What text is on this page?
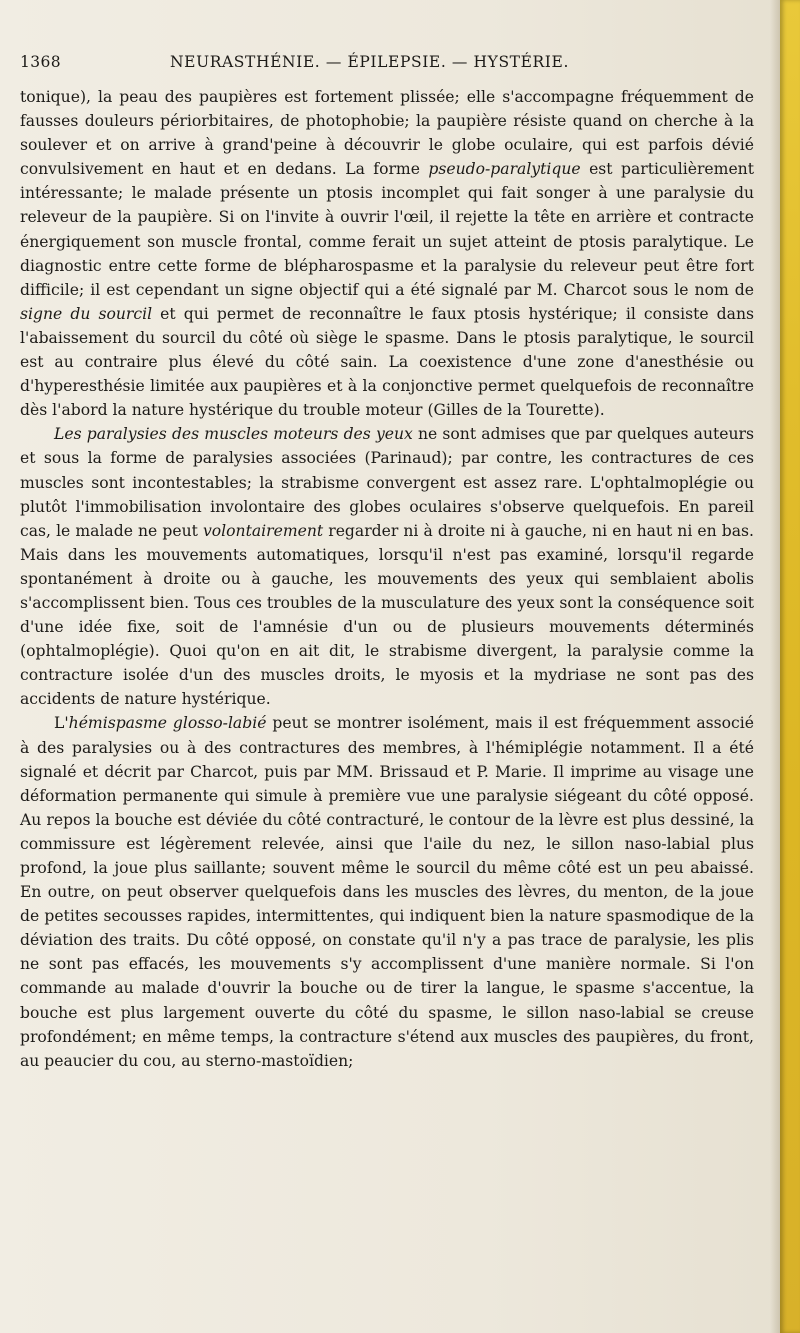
1368	NEURASTHÉNIE. — ÉPILEPSIE. — HYSTÉRIE.

tonique), la peau des paupières est fortement plissée; elle s'accompagne fréquemment de fausses douleurs périorbitaires, de photophobie; la paupière résiste quand on cherche à la soulever et on arrive à grand'peine à découvrir le globe oculaire, qui est parfois dévié convulsivement en haut et en dedans. La forme pseudo-paralytique est particulièrement intéressante; le malade présente un ptosis incomplet qui fait songer à une paralysie du releveur de la paupière. Si on l'invite à ouvrir l'œil, il rejette la tête en arrière et contracte énergiquement son muscle frontal, comme ferait un sujet atteint de ptosis paralytique. Le diagnostic entre cette forme de blépharospasme et la paralysie du releveur peut être fort difficile; il est cependant un signe objectif qui a été signalé par M. Charcot sous le nom de signe du sourcil et qui permet de reconnaître le faux ptosis hystérique; il consiste dans l'abaissement du sourcil du côté où siège le spasme. Dans le ptosis paralytique, le sourcil est au contraire plus élevé du côté sain. La coexistence d'une zone d'anesthésie ou d'hyperesthésie limitée aux paupières et à la conjonctive permet quelquefois de reconnaître dès l'abord la nature hystérique du trouble moteur (Gilles de la Tourette).

Les paralysies des muscles moteurs des yeux ne sont admises que par quelques auteurs et sous la forme de paralysies associées (Parinaud); par contre, les contractures de ces muscles sont incontestables; la strabisme convergent est assez rare. L'ophtalmoplégie ou plutôt l'immobilisation involontaire des globes oculaires s'observe quelquefois. En pareil cas, le malade ne peut volontairement regarder ni à droite ni à gauche, ni en haut ni en bas. Mais dans les mouvements automatiques, lorsqu'il n'est pas examiné, lorsqu'il regarde spontanément à droite ou à gauche, les mouvements des yeux qui semblaient abolis s'accomplissent bien. Tous ces troubles de la musculature des yeux sont la conséquence soit d'une idée fixe, soit de l'amnésie d'un ou de plusieurs mouvements déterminés (ophtalmoplégie). Quoi qu'on en ait dit, le strabisme divergent, la paralysie comme la contracture isolée d'un des muscles droits, le myosis et la mydriase ne sont pas des accidents de nature hystérique.

L'hémispasme glosso-labié peut se montrer isolément, mais il est fréquemment associé à des paralysies ou à des contractures des membres, à l'hémiplégie notamment. Il a été signalé et décrit par Charcot, puis par MM. Brissaud et P. Marie. Il imprime au visage une déformation permanente qui simule à première vue une paralysie siégeant du côté opposé. Au repos la bouche est déviée du côté contracturé, le contour de la lèvre est plus dessiné, la commissure est légèrement relevée, ainsi que l'aile du nez, le sillon naso-labial plus profond, la joue plus saillante; souvent même le sourcil du même côté est un peu abaissé. En outre, on peut observer quelquefois dans les muscles des lèvres, du menton, de la joue de petites secousses rapides, intermittentes, qui indiquent bien la nature spasmodique de la déviation des traits. Du côté opposé, on constate qu'il n'y a pas trace de paralysie, les plis ne sont pas effacés, les mouvements s'y accomplissent d'une manière normale. Si l'on commande au malade d'ouvrir la bouche ou de tirer la langue, le spasme s'accentue, la bouche est plus largement ouverte du côté du spasme, le sillon naso-labial se creuse profondément; en même temps, la contracture s'étend aux muscles des paupières, du front, au peaucier du cou, au sterno-mastoïdien;
